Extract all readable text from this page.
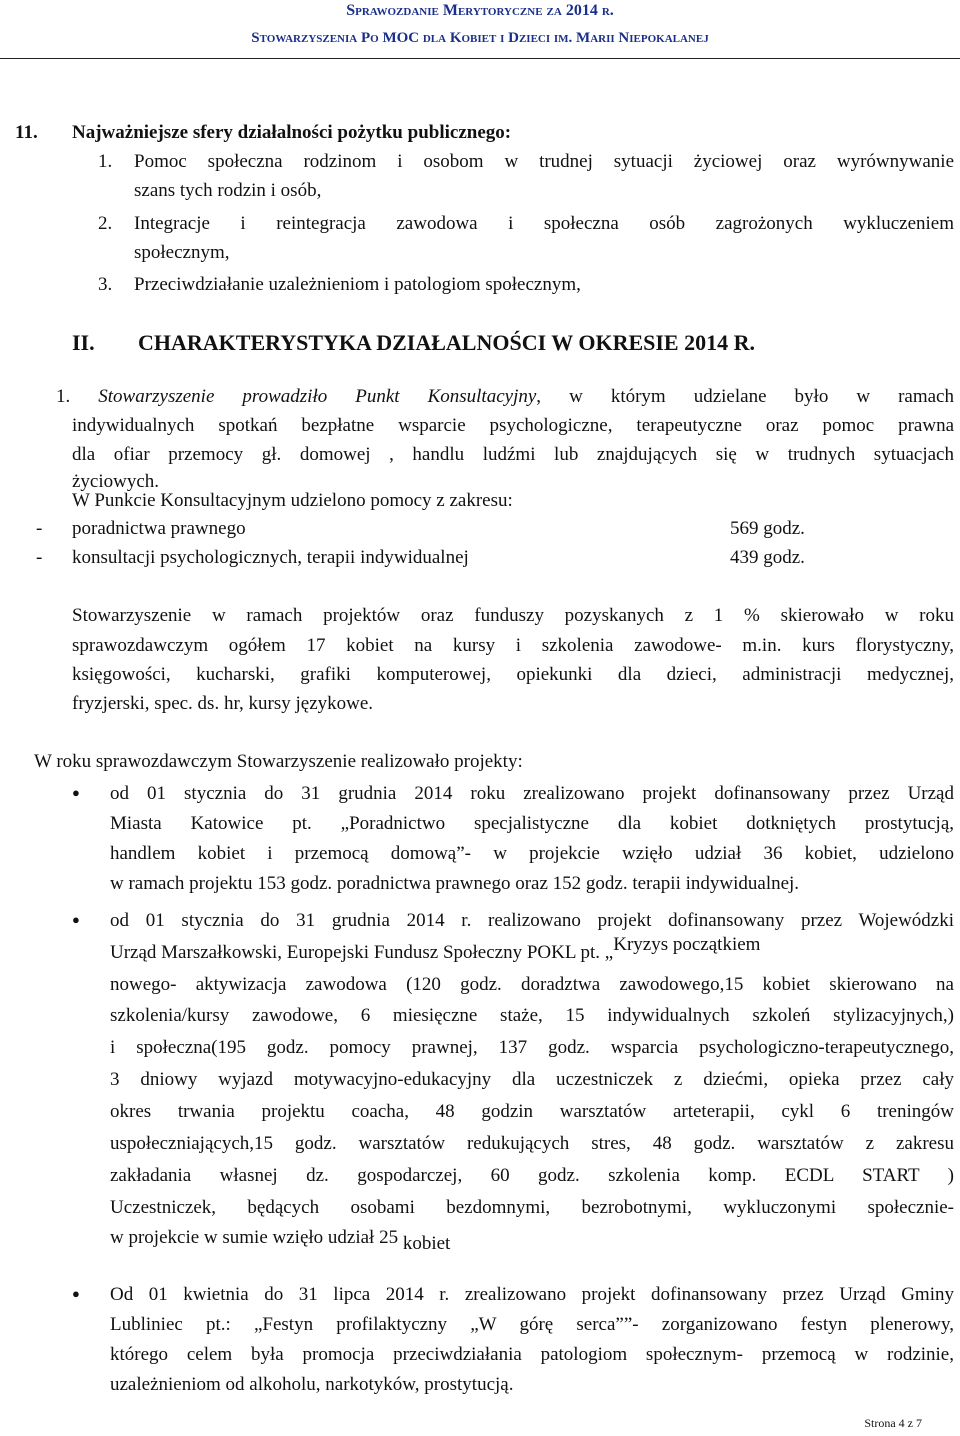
Sprawozdanie Merytoryczne za 2014 r.
Stowarzyszenia Po MOC dla Kobiet i Dzieci im. Marii Niepokalanej
11. Najważniejsze sfery działalności pożytku publicznego:
1. Pomoc społeczna rodzinom i osobom w trudnej sytuacji życiowej oraz wyrównywanie
szans tych rodzin i osób,
2. Integracje i reintegracja zawodowa i społeczna osób zagrożonych wykluczeniem
społecznym,
3. Przeciwdziałanie uzależnieniom i patologiom społecznym,
II. CHARAKTERYSTYKA DZIAŁALNOŚCI W OKRESIE 2014 R.
1. Stowarzyszenie prowadziło Punkt Konsultacyjny, w którym udzielane było w ramach
indywidualnych spotkań bezpłatne wsparcie psychologiczne, terapeutyczne oraz pomoc prawna
dla ofiar przemocy gł. domowej , handlu ludźmi lub znajdujących się w trudnych sytuacjach
życiowych.
W Punkcie Konsultacyjnym udzielono pomocy z zakresu:
- poradnictwa prawnego	569 godz.
- konsultacji psychologicznych, terapii indywidualnej	439 godz.
Stowarzyszenie w ramach projektów oraz funduszy pozyskanych z 1 % skierowało w roku
sprawozdawczym ogółem 17 kobiet na kursy i szkolenia zawodowe- m.in. kurs florystyczny,
księgowości, kucharski, grafiki komputerowej, opiekunki dla dzieci, administracji medycznej,
fryzjerski, spec. ds. hr, kursy językowe.
W roku sprawozdawczym Stowarzyszenie realizowało projekty:
● od 01 stycznia do 31 grudnia 2014 roku zrealizowano projekt dofinansowany przez Urząd
Miasta Katowice pt. „Poradnictwo specjalistyczne dla kobiet dotkniętych prostytucją,
handlem kobiet i przemocą domową”- w projekcie wzięło udział 36 kobiet, udzielono
w ramach projektu 153 godz. poradnictwa prawnego oraz 152 godz. terapii indywidualnej.
● od 01 stycznia do 31 grudnia 2014 r. realizowano projekt dofinansowany przez Wojewódzki
Urząd Marszałkowski, Europejski Fundusz Społeczny POKL pt. „Kryzys początkiem
nowego- aktywizacja zawodowa (120 godz. doradztwa zawodowego,15 kobiet skierowano na
szkolenia/kursy zawodowe, 6 miesięczne staże, 15 indywidualnych szkoleń stylizacyjnych,)
i społeczna(195 godz. pomocy prawnej, 137 godz. wsparcia psychologiczno-terapeutycznego,
3 dniowy wyjazd motywacyjno-edukacyjny dla uczestniczek z dziećmi, opieka przez cały
okres trwania projektu coacha, 48 godzin warsztatów arteterapii, cykl 6 treningów
uspołeczniających,15 godz. warsztatów redukujących stres, 48 godz. warsztatów z zakresu
zakładania własnej dz. gospodarczej, 60 godz. szkolenia komp. ECDL START )
Uczestniczek, będących osobami bezdomnymi, bezrobotnymi, wykluczonymi społecznie-
w projekcie w sumie wzięło udział 25 kobiet
● Od 01 kwietnia do 31 lipca 2014 r. zrealizowano projekt dofinansowany przez Urząd Gminy
Lubliniec pt.: „Festyn profilaktyczny „W górę serca””- zorganizowano festyn plenerowy,
którego celem była promocja przeciwdziałania patologiom społecznym- przemocą w rodzinie,
uzależnieniom od alkoholu, narkotyków, prostytucją.
Strona 4 z 7
